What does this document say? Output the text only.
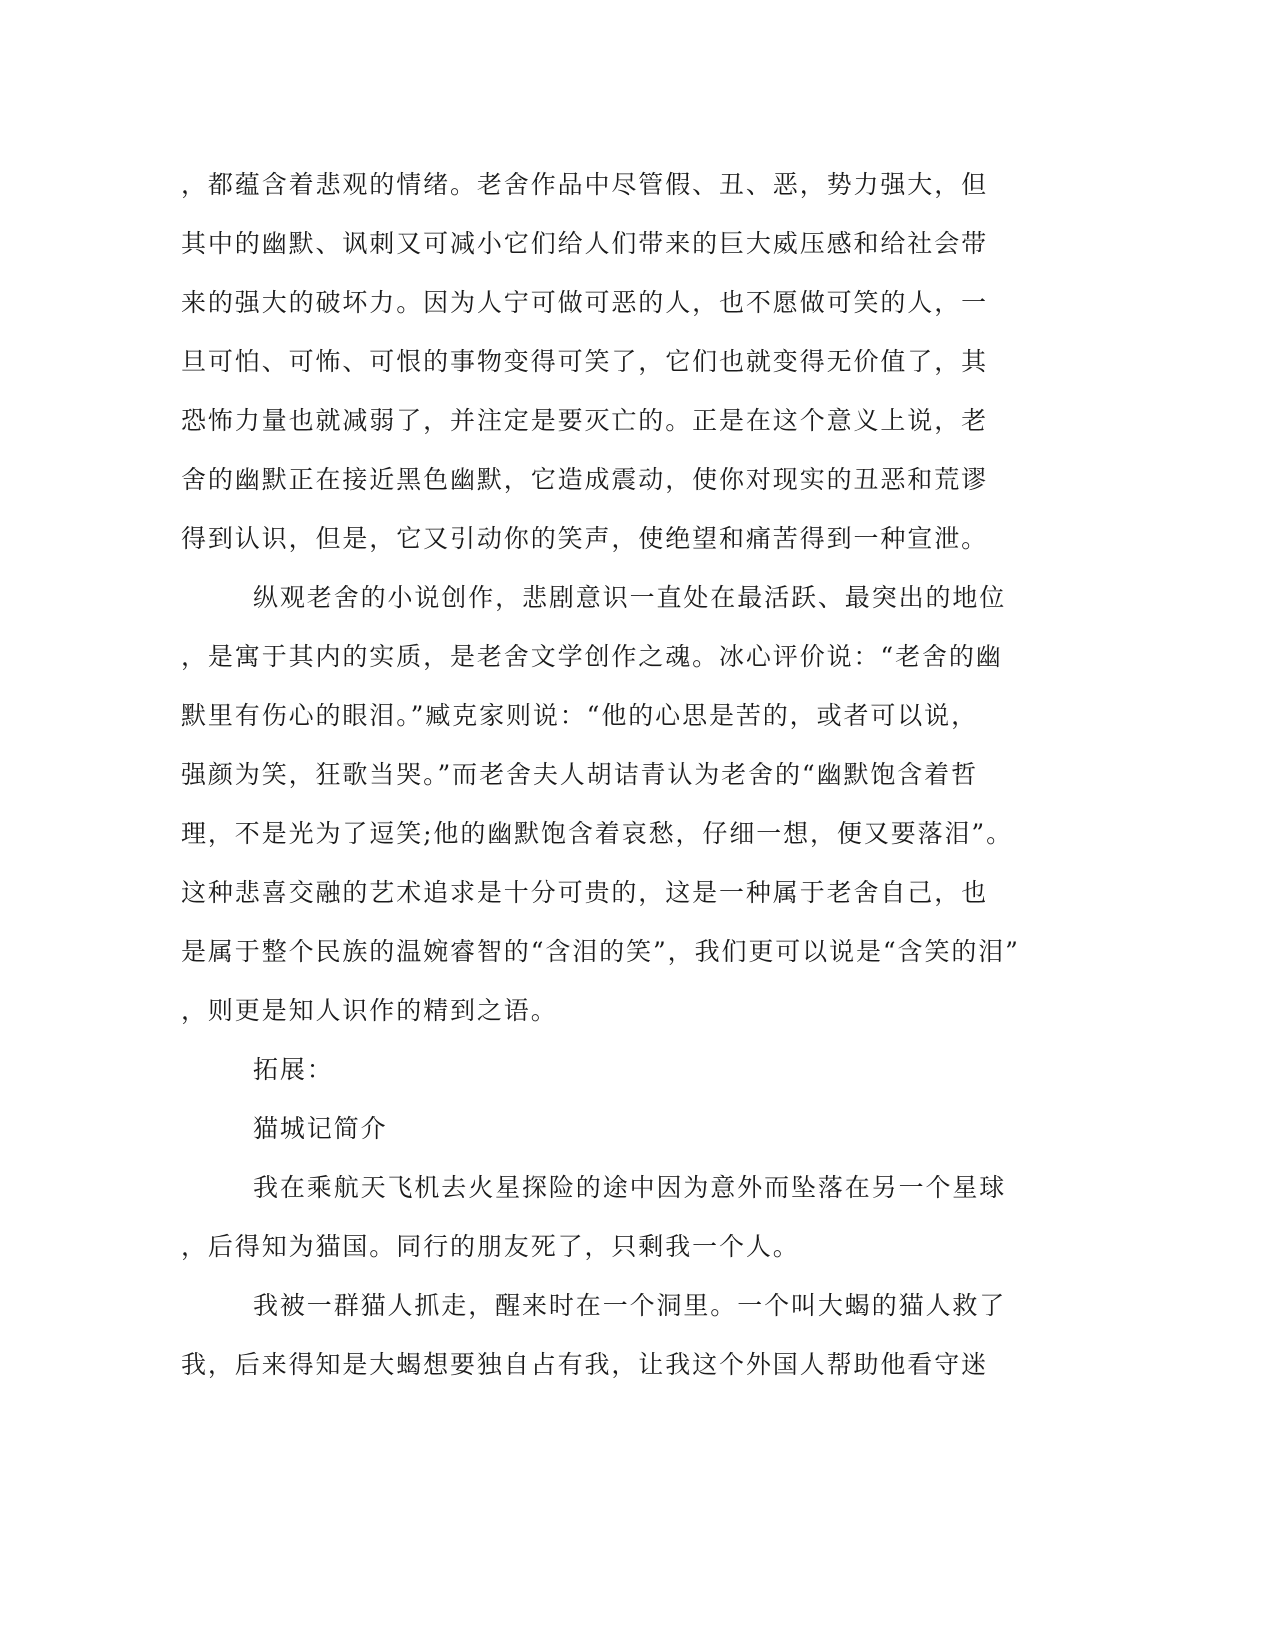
，都蕴含着悲观的情绪。老舍作品中尽管假、丑、恶，势力强大，但
其中的幽默、讽刺又可减小它们给人们带来的巨大威压感和给社会带
来的强大的破坏力。因为人宁可做可恶的人，也不愿做可笑的人，一
旦可怕、可怖、可恨的事物变得可笑了，它们也就变得无价值了，其
恐怖力量也就减弱了，并注定是要灭亡的。正是在这个意义上说，老
舍的幽默正在接近黑色幽默，它造成震动，使你对现实的丑恶和荒谬
得到认识，但是，它又引动你的笑声，使绝望和痛苦得到一种宣泄。
纵观老舍的小说创作，悲剧意识一直处在最活跃、最突出的地位
，是寓于其内的实质，是老舍文学创作之魂。冰心评价说：“老舍的幽
默里有伤心的眼泪。”臧克家则说：“他的心思是苦的，或者可以说，
强颜为笑，狂歌当哭。”而老舍夫人胡诘青认为老舍的“幽默饱含着哲
理，不是光为了逗笑;他的幽默饱含着哀愁，仔细一想，便又要落泪”。
这种悲喜交融的艺术追求是十分可贵的，这是一种属于老舍自己，也
是属于整个民族的温婉睿智的“含泪的笑”，我们更可以说是“含笑的泪”
，则更是知人识作的精到之语。
拓展：
猫城记简介
我在乘航天飞机去火星探险的途中因为意外而坠落在另一个星球
，后得知为猫国。同行的朋友死了，只剩我一个人。
我被一群猫人抓走，醒来时在一个洞里。一个叫大蝎的猫人救了
我，后来得知是大蝎想要独自占有我，让我这个外国人帮助他看守迷
